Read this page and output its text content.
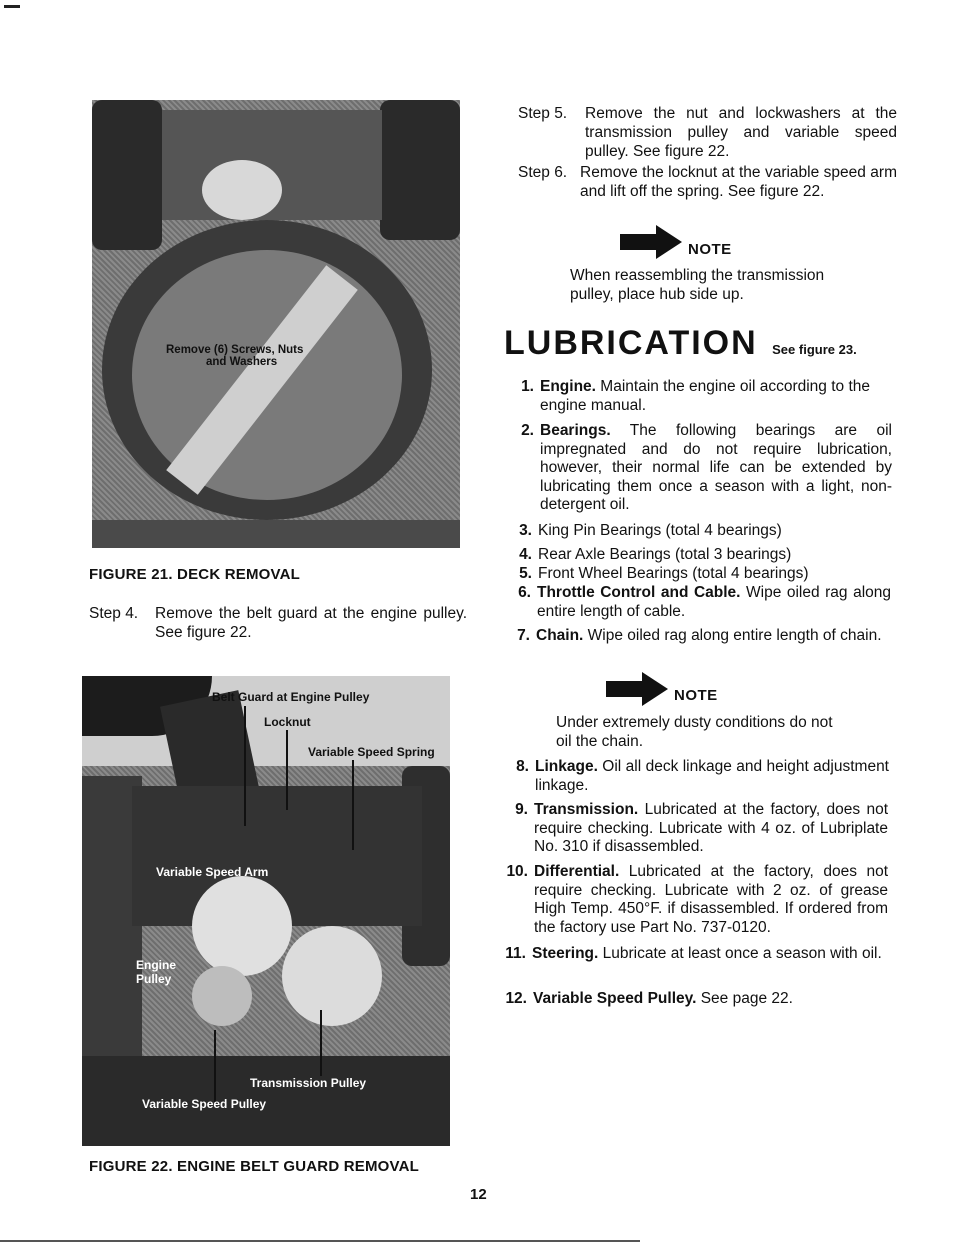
Remove (6) Screws, Nuts
and Washers
FIGURE 21. DECK REMOVAL
Step 4. Remove the belt guard at the engine pulley. See figure 22.
Belt Guard at Engine Pulley
Locknut
Variable Speed Spring
Variable Speed Arm
Engine
Pulley
Transmission Pulley
Variable Speed Pulley
FIGURE 22. ENGINE BELT GUARD REMOVAL
Step 5. Remove the nut and lockwashers at the transmission pulley and variable speed pulley. See figure 22.
Step 6. Remove the locknut at the variable speed arm and lift off the spring. See figure 22.
NOTE
When reassembling the transmission pulley, place hub side up.
LUBRICATION See figure 23.
1. Engine. Maintain the engine oil according to the engine manual.
2. Bearings. The following bearings are oil impregnated and do not require lubrication, however, their normal life can be extended by lubricating them once a season with a light, non-detergent oil.
3. King Pin Bearings (total 4 bearings)
4. Rear Axle Bearings (total 3 bearings)
5. Front Wheel Bearings (total 4 bearings)
6. Throttle Control and Cable. Wipe oiled rag along entire length of cable.
7. Chain. Wipe oiled rag along entire length of chain.
NOTE
Under extremely dusty conditions do not oil the chain.
8. Linkage. Oil all deck linkage and height adjustment linkage.
9. Transmission. Lubricated at the factory, does not require checking. Lubricate with 4 oz. of Lubriplate No. 310 if disassembled.
10. Differential. Lubricated at the factory, does not require checking. Lubricate with 2 oz. of grease High Temp. 450°F. if disassembled. If ordered from the factory use Part No. 737-0120.
11. Steering. Lubricate at least once a season with oil.
12. Variable Speed Pulley. See page 22.
12
